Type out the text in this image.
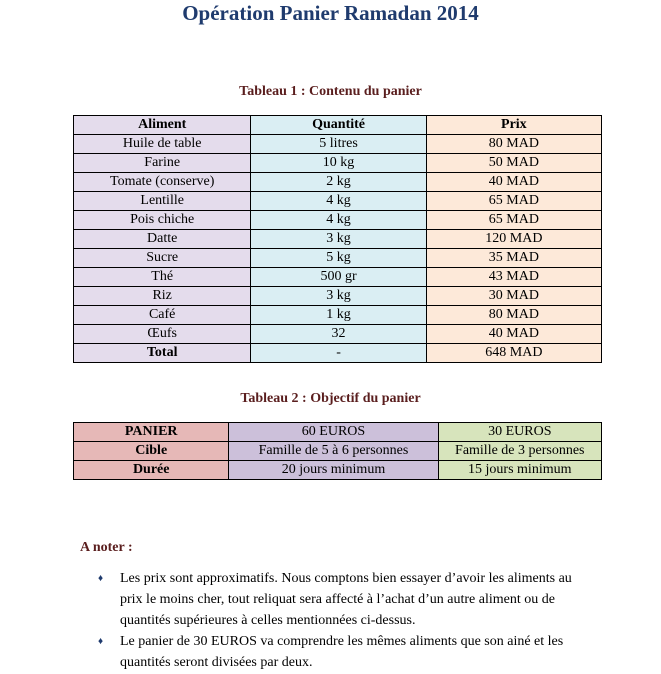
Opération Panier Ramadan 2014
Tableau 1 : Contenu du panier
Aliment	Quantité	Prix
Huile de table	5 litres	80 MAD
Farine	10 kg	50 MAD
Tomate (conserve)	2 kg	40 MAD
Lentille	4 kg	65 MAD
Pois chiche	4 kg	65 MAD
Datte	3 kg	120 MAD
Sucre	5 kg	35 MAD
Thé	500 gr	43 MAD
Riz	3 kg	30 MAD
Café	1 kg	80 MAD
Œufs	32	40 MAD
Total	-	648 MAD
Tableau 2 : Objectif du panier
PANIER	60 EUROS	30 EUROS
Cible	Famille de 5 à 6 personnes	Famille de 3 personnes
Durée	20 jours minimum	15 jours minimum
A noter :
♦ Les prix sont approximatifs. Nous comptons bien essayer d’avoir les aliments au prix le moins cher, tout reliquat sera affecté à l’achat d’un autre aliment ou de quantités supérieures à celles mentionnées ci-dessus.
♦ Le panier de 30 EUROS va comprendre les mêmes aliments que son ainé et les quantités seront divisées par deux.
